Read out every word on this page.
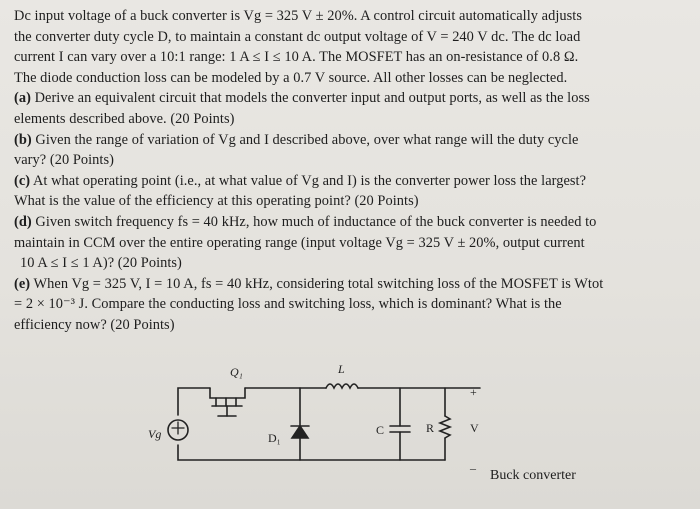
Dc input voltage of a buck converter is Vg = 325 V ± 20%. A control circuit automatically adjusts
the converter duty cycle D, to maintain a constant dc output voltage of V = 240 V dc. The dc load
current I can vary over a 10:1 range: 1 A ≤ I ≤ 10 A. The MOSFET has an on-resistance of 0.8 Ω.
The diode conduction loss can be modeled by a 0.7 V source. All other losses can be neglected.

(a) Derive an equivalent circuit that models the converter input and output ports, as well as the loss
elements described above. (20 Points)

(b) Given the range of variation of Vg and I described above, over what range will the duty cycle
vary? (20 Points)

(c) At what operating point (i.e., at what value of Vg and I) is the converter power loss the largest?
What is the value of the efficiency at this operating point? (20 Points)

(d) Given switch frequency fs = 40 kHz, how much of inductance of the buck converter is needed to
maintain in CCM over the entire operating range (input voltage Vg = 325 V ± 20%, output current
10 A ≤ I ≤ 1 A)? (20 Points)

(e) When Vg = 325 V, I = 10 A, fs = 40 kHz, considering total switching loss of the MOSFET is Wtot
= 2 × 10⁻³ J. Compare the conducting loss and switching loss, which is dominant? What is the
efficiency now? (20 Points)

Q₁	L
D₁
C	R
Vg	V
+
– Buck converter
